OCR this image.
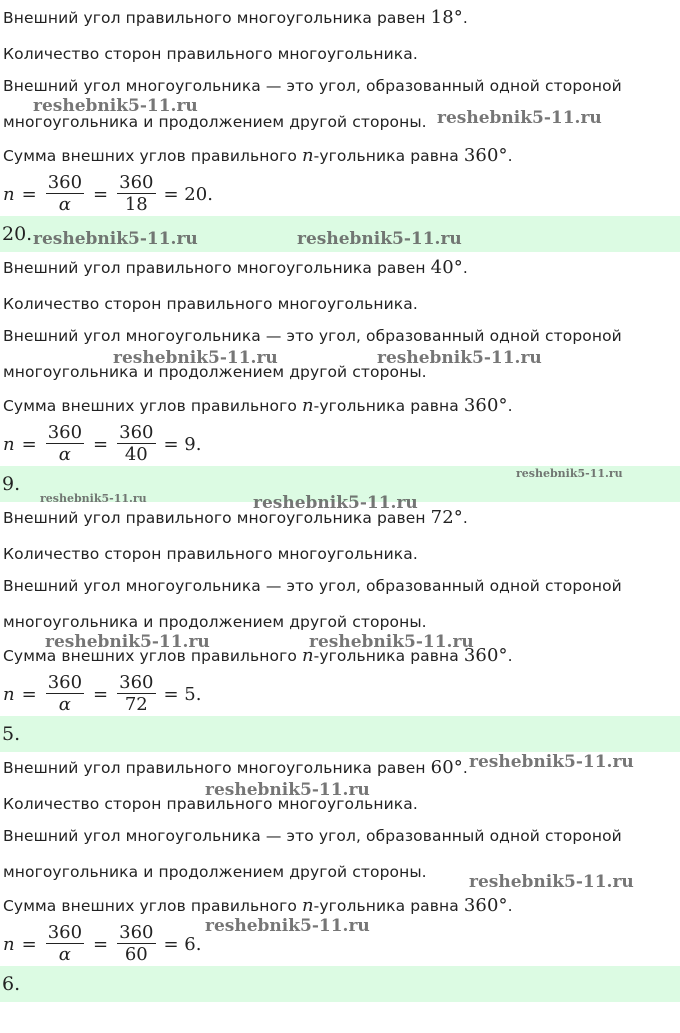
Внешний угол правильного многоугольника равен 18°.
Количество сторон правильного многоугольника.
Внешний угол многоугольника — это угол, образованный одной стороной
многоугольника и продолжением другой стороны.
Сумма внешних углов правильного n-угольника равна 360°.
$n = \frac{360}{\alpha} = \frac{360}{18} = 20$.
20.
Внешний угол правильного многоугольника равен 40°.
Количество сторон правильного многоугольника.
Внешний угол многоугольника — это угол, образованный одной стороной
многоугольника и продолжением другой стороны.
Сумма внешних углов правильного n-угольника равна 360°.
$n = \frac{360}{\alpha} = \frac{360}{40} = 9$.
9.
Внешний угол правильного многоугольника равен 72°.
Количество сторон правильного многоугольника.
Внешний угол многоугольника — это угол, образованный одной стороной
многоугольника и продолжением другой стороны.
Сумма внешних углов правильного n-угольника равна 360°.
$n = \frac{360}{\alpha} = \frac{360}{72} = 5$.
5.
Внешний угол правильного многоугольника равен 60°.
Количество сторон правильного многоугольника.
Внешний угол многоугольника — это угол, образованный одной стороной
многоугольника и продолжением другой стороны.
Сумма внешних углов правильного n-угольника равна 360°.
$n = \frac{360}{\alpha} = \frac{360}{60} = 6$.
6.
reshebnik5-11.ru
reshebnik5-11.ru
reshebnik5-11.ru	reshebnik5-11.ru
reshebnik5-11.ru	reshebnik5-11.ru
reshebnik5-11.ru
reshebnik5-11.ru	reshebnik5-11.ru
reshebnik5-11.ru	reshebnik5-11.ru
reshebnik5-11.ru
reshebnik5-11.ru
reshebnik5-11.ru
reshebnik5-11.ru
